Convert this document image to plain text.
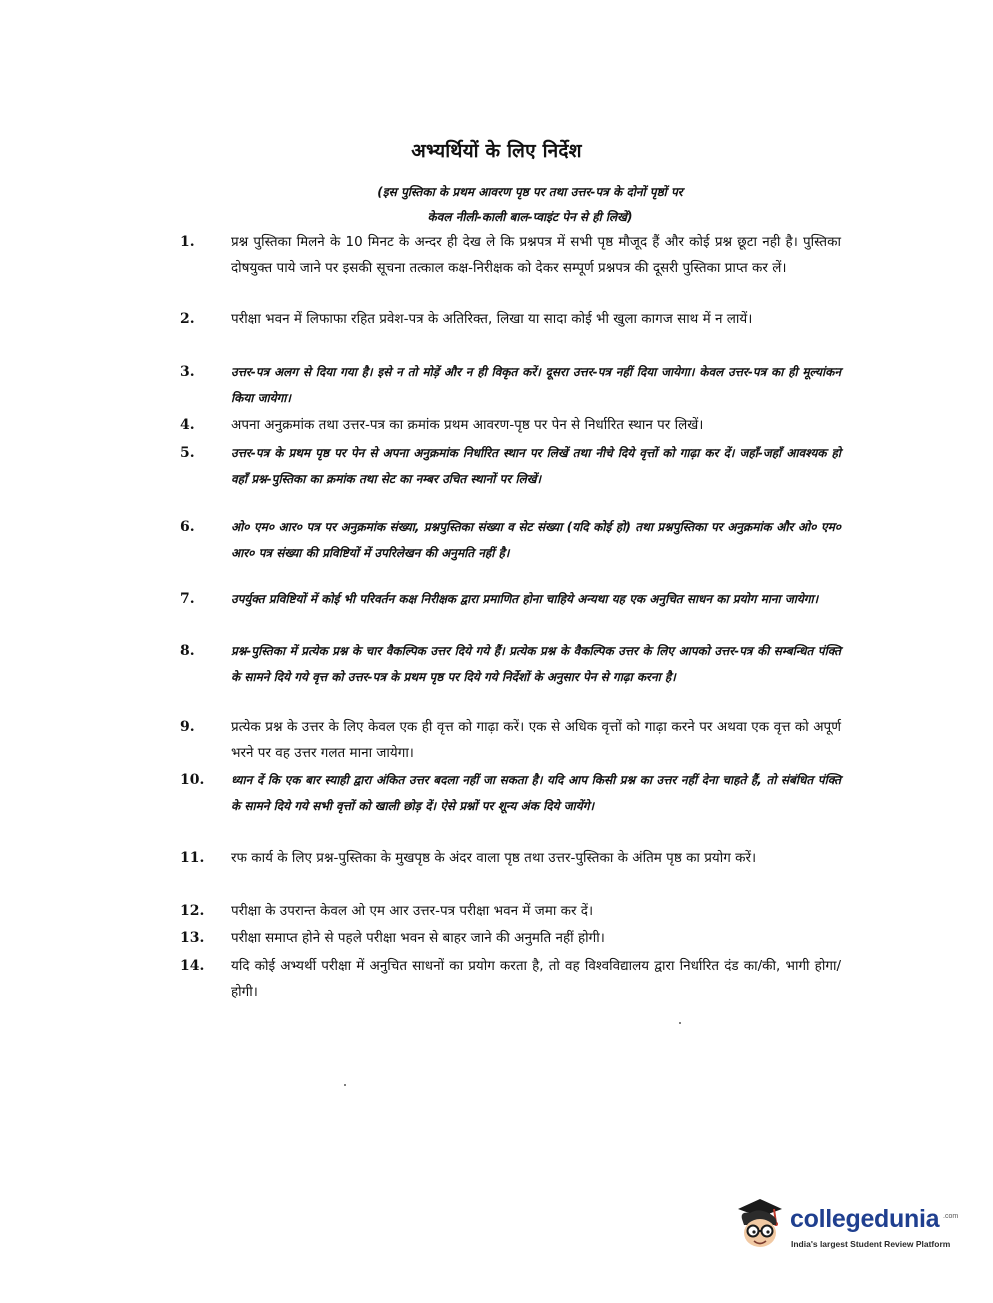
अभ्यर्थियों के लिए निर्देश
(इस पुस्तिका के प्रथम आवरण पृष्ठ पर तथा उत्तर-पत्र के दोनों पृष्ठों पर
केवल नीली-काली बाल-प्वाइंट पेन से ही लिखें)
1.	प्रश्न पुस्तिका मिलने के 10 मिनट के अन्दर ही देख ले कि प्रश्नपत्र में सभी पृष्ठ मौजूद हैं और कोई प्रश्न छूटा नही है। पुस्तिका दोषयुक्त पाये जाने पर इसकी सूचना तत्काल कक्ष-निरीक्षक को देकर सम्पूर्ण प्रश्नपत्र की दूसरी पुस्तिका प्राप्त कर लें।
2.	परीक्षा भवन में लिफाफा रहित प्रवेश-पत्र के अतिरिक्त, लिखा या सादा कोई भी खुला कागज साथ में न लायें।
3.	उत्तर-पत्र अलग से दिया गया है। इसे न तो मोड़ें और न ही विकृत करें। दूसरा उत्तर-पत्र नहीं दिया जायेगा। केवल उत्तर-पत्र का ही मूल्यांकन किया जायेगा।
4.	अपना अनुक्रमांक तथा उत्तर-पत्र का क्रमांक प्रथम आवरण-पृष्ठ पर पेन से निर्धारित स्थान पर लिखें।
5.	उत्तर-पत्र के प्रथम पृष्ठ पर पेन से अपना अनुक्रमांक निर्धारित स्थान पर लिखें तथा नीचे दिये वृत्तों को गाढ़ा कर दें। जहाँ-जहाँ आवश्यक हो वहाँ प्रश्न-पुस्तिका का क्रमांक तथा सेट का नम्बर उचित स्थानों पर लिखें।
6.	ओ० एम० आर० पत्र पर अनुक्रमांक संख्या, प्रश्नपुस्तिका संख्या व सेट संख्या (यदि कोई हो) तथा प्रश्नपुस्तिका पर अनुक्रमांक और ओ० एम० आर० पत्र संख्या की प्रविष्टियों में उपरिलेखन की अनुमति नहीं है।
7.	उपर्युक्त प्रविष्टियों में कोई भी परिवर्तन कक्ष निरीक्षक द्वारा प्रमाणित होना चाहिये अन्यथा यह एक अनुचित साधन का प्रयोग माना जायेगा।
8.	प्रश्न-पुस्तिका में प्रत्येक प्रश्न के चार वैकल्पिक उत्तर दिये गये हैं। प्रत्येक प्रश्न के वैकल्पिक उत्तर के लिए आपको उत्तर-पत्र की सम्बन्धित पंक्ति के सामने दिये गये वृत्त को उत्तर-पत्र के प्रथम पृष्ठ पर दिये गये निर्देशों के अनुसार पेन से गाढ़ा करना है।
9.	प्रत्येक प्रश्न के उत्तर के लिए केवल एक ही वृत्त को गाढ़ा करें। एक से अधिक वृत्तों को गाढ़ा करने पर अथवा एक वृत्त को अपूर्ण भरने पर वह उत्तर गलत माना जायेगा।
10.	ध्यान दें कि एक बार स्याही द्वारा अंकित उत्तर बदला नहीं जा सकता है। यदि आप किसी प्रश्न का उत्तर नहीं देना चाहते हैं, तो संबंधित पंक्ति के सामने दिये गये सभी वृत्तों को खाली छोड़ दें। ऐसे प्रश्नों पर शून्य अंक दिये जायेंगे।
11.	रफ कार्य के लिए प्रश्न-पुस्तिका के मुखपृष्ठ के अंदर वाला पृष्ठ तथा उत्तर-पुस्तिका के अंतिम पृष्ठ का प्रयोग करें।
12.	परीक्षा के उपरान्त केवल ओ एम आर उत्तर-पत्र परीक्षा भवन में जमा कर दें।
13.	परीक्षा समाप्त होने से पहले परीक्षा भवन से बाहर जाने की अनुमति नहीं होगी।
14.	यदि कोई अभ्यर्थी परीक्षा में अनुचित साधनों का प्रयोग करता है, तो वह विश्वविद्यालय द्वारा निर्धारित दंड का/की, भागी होगा/होगी।
collegedunia .com
India's largest Student Review Platform
